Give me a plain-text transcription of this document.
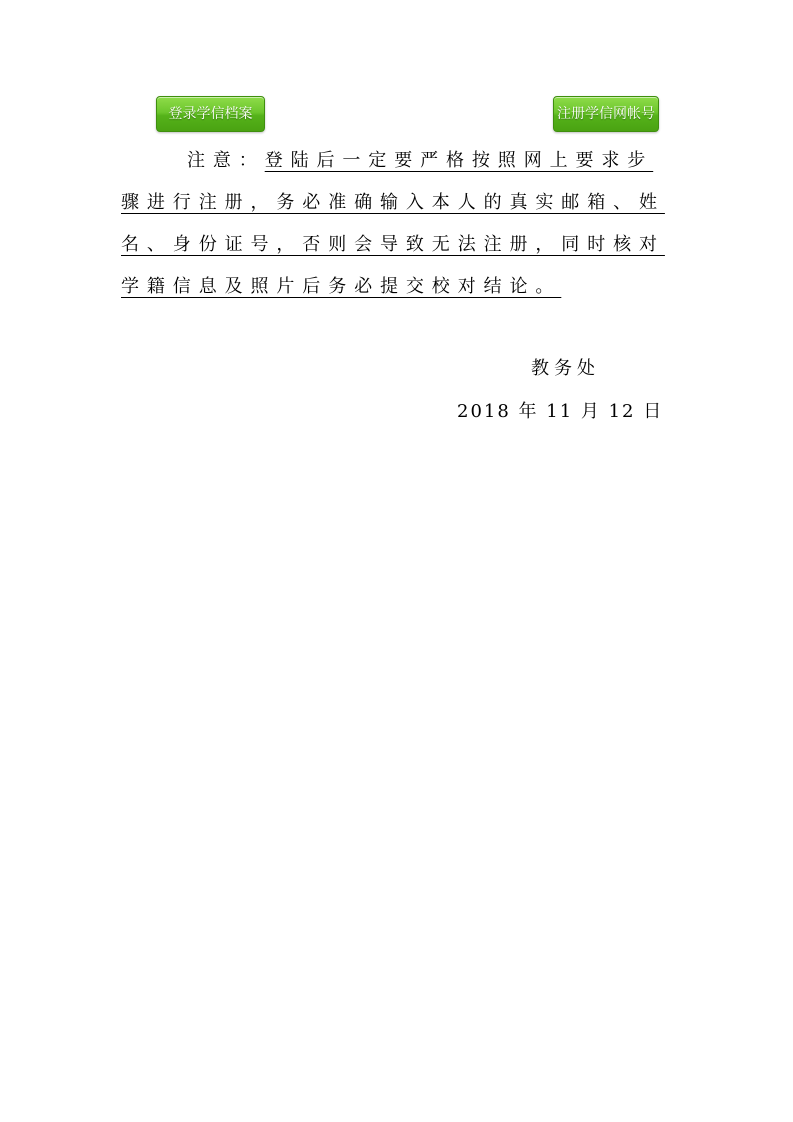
登录学信档案	注册学信网帐号

注意：登陆后一定要严格按照网上要求步骤进行注册，务必准确输入本人的真实邮箱、姓名、身份证号，否则会导致无法注册，同时核对学籍信息及照片后务必提交校对结论。

教务处
2018 年 11 月 12 日
